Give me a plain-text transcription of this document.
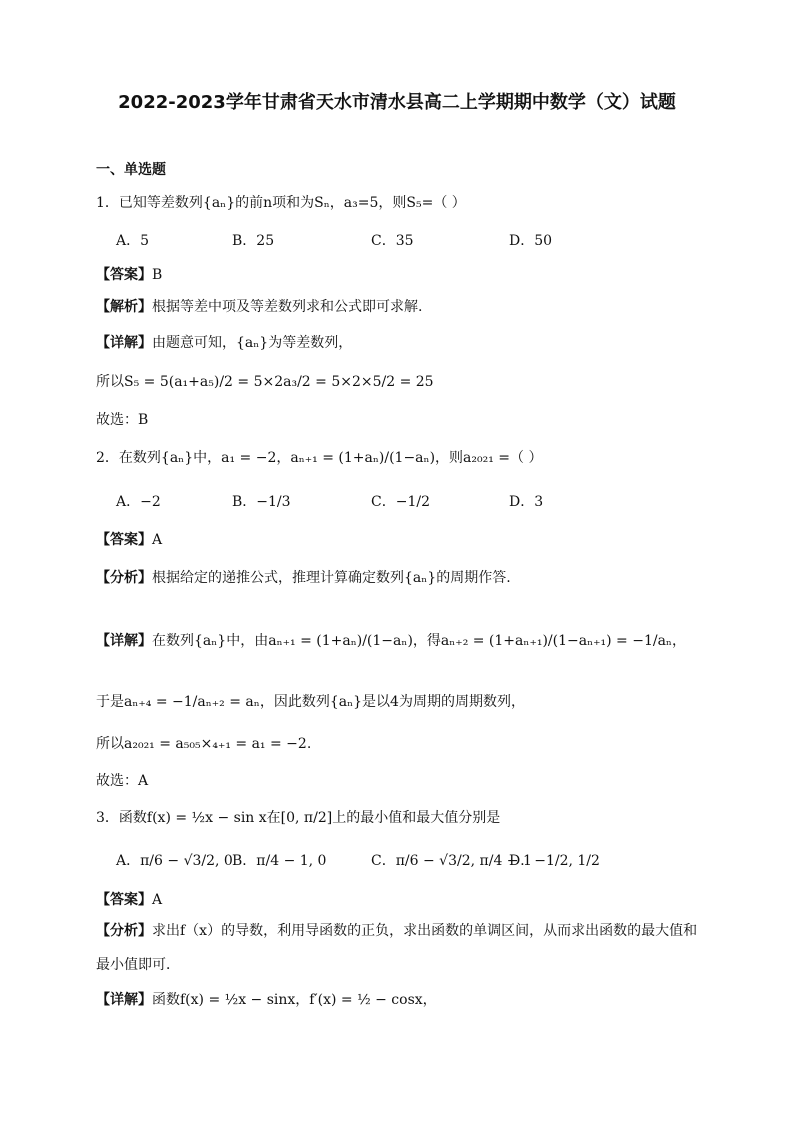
2022-2023学年甘肃省天水市清水县高二上学期期中数学（文）试题
一、单选题
1．已知等差数列{aₙ}的前n项和为Sₙ，a₃=5，则S₅=（ ）
A．5	B．25	C．35	D．50
【答案】B
【解析】根据等差中项及等差数列求和公式即可求解.
【详解】由题意可知，{aₙ}为等差数列，
所以S₅ = 5(a₁+a₅)/2 = 5×2a₃/2 = 5×2×5/2 = 25
故选：B
2．在数列{aₙ}中，a₁ = −2，aₙ₊₁ = (1+aₙ)/(1−aₙ)，则a₂₀₂₁ =（ ）
A．−2	B．−1/3	C．−1/2	D．3
【答案】A
【分析】根据给定的递推公式，推理计算确定数列{aₙ}的周期作答.
【详解】在数列{aₙ}中，由aₙ₊₁ = (1+aₙ)/(1−aₙ)，得aₙ₊₂ = (1+aₙ₊₁)/(1−aₙ₊₁) = −1/aₙ，
于是aₙ₊₄ = −1/aₙ₊₂ = aₙ，因此数列{aₙ}是以4为周期的周期数列，
所以a₂₀₂₁ = a₅₀₅×₄₊₁ = a₁ = −2.
故选：A
3．函数f(x) = ½x − sin x在[0, π/2]上的最小值和最大值分别是
A．π/6 − √3/2, 0 B．π/4 − 1, 0	C．π/6 − √3/2, π/4 − 1
D．−1/2, 1/2
【答案】A
【分析】求出f（x）的导数，利用导函数的正负，求出函数的单调区间，从而求出函数的最大值和
最小值即可．
【详解】函数f(x) = ½x − sinx，f′(x) = ½ − cosx，
